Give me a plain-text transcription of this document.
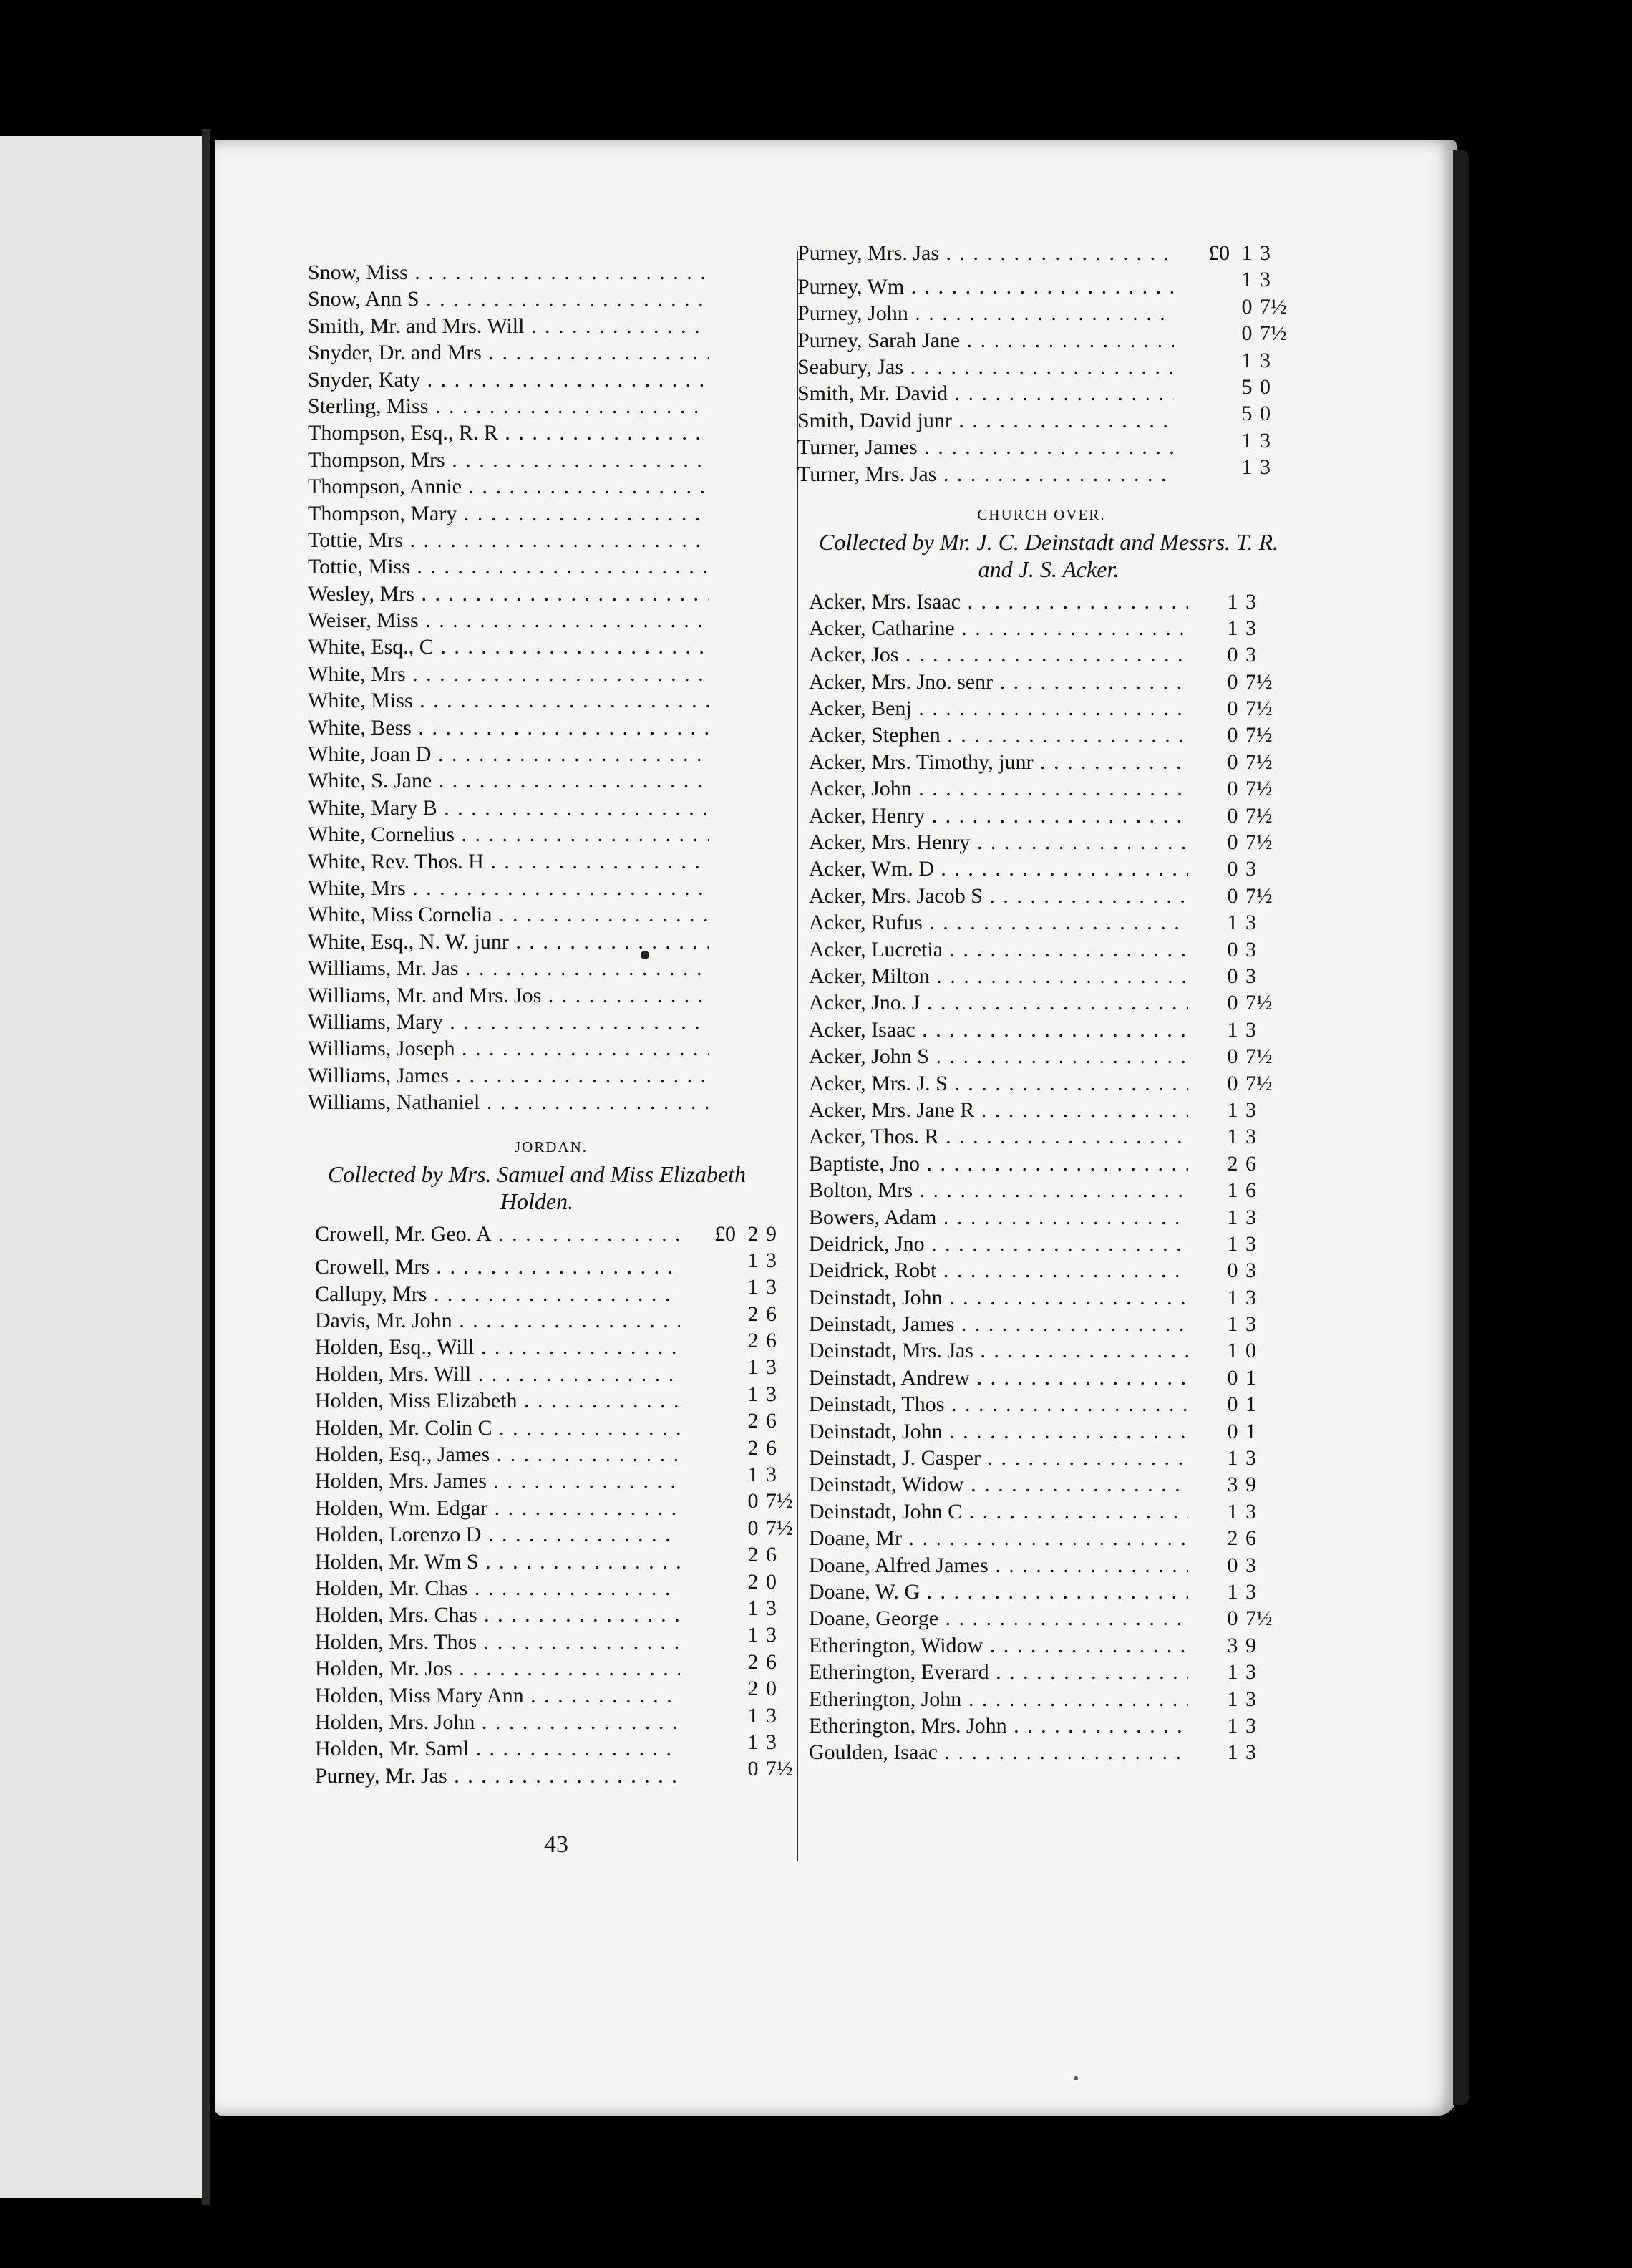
Snow, Miss . . .
Snow, Ann S . . .
Smith, Mr. and Mrs. Will . . .
Snyder, Dr. and Mrs . . .
Snyder, Katy . . .
Sterling, Miss . . .
Thompson, Esq., R. R . . .
Thompson, Mrs . . .
Thompson, Annie . . .
Thompson, Mary . . .
Tottie, Mrs . . .
Tottie, Miss . . .
Wesley, Mrs . . .
Weiser, Miss . . .
White, Esq., C . . .
White, Mrs . . .
White, Miss . . .
White, Bess . . .
White, Joan D . . .
White, S. Jane . . .
White, Mary B . . .
White, Cornelius . . .
White, Rev. Thos. H . . .
White, Mrs . . .
White, Miss Cornelia . . .
White, Esq., N. W. junr . . .
Williams, Mr. Jas . . .
Williams, Mr. and Mrs. Jos . . .
Williams, Mary . . .
Williams, Joseph . . .
Williams, James . . .
Williams, Nathaniel . . .
JORDAN.
Collected by Mrs. Samuel and Miss Elizabeth Holden.
Crowell, Mr. Geo. A . . .	£0 2 9
Crowell, Mrs . . .	1 3
Callupy, Mrs . . .	1 3
Davis, Mr. John . . .	2 6
Holden, Esq., Will . . .	2 6
Holden, Mrs. Will . . .	1 3
Holden, Miss Elizabeth . . .	1 3
Holden, Mr. Colin C . . .	2 6
Holden, Esq., James . . .	2 6
Holden, Mrs. James . . .	1 3
Holden, Wm. Edgar . . .	0 7½
Holden, Lorenzo D . . .	0 7½
Holden, Mr. Wm S . . .	2 6
Holden, Mr. Chas . . .	2 0
Holden, Mrs. Chas . . .	1 3
Holden, Mrs. Thos . . .	1 3
Holden, Mr. Jos . . .	2 6
Holden, Miss Mary Ann . . .	2 0
Holden, Mrs. John . . .	1 3
Holden, Mr. Saml . . .	1 3
Purney, Mr. Jas . . .	0 7½
Purney, Mrs. Jas . . .	£0 1 3
Purney, Wm . . .	1 3
Purney, John . . .	0 7½
Purney, Sarah Jane . . .	0 7½
Seabury, Jas . . .	1 3
Smith, Mr. David . . .	5 0
Smith, David junr . . .	5 0
Turner, James . . .	1 3
Turner, Mrs. Jas . . .	1 3
CHURCH OVER.
Collected by Mr. J. C. Deinstadt and Messrs. T. R. and J. S. Acker.
Acker, Mrs. Isaac . . .	1 3
Acker, Catharine . . .	1 3
Acker, Jos . . .	0 3
Acker, Mrs. Jno. senr . . .	0 7½
Acker, Benj . . .	0 7½
Acker, Stephen . . .	0 7½
Acker, Mrs. Timothy, junr . . .	0 7½
Acker, John . . .	0 7½
Acker, Henry . . .	0 7½
Acker, Mrs. Henry . . .	0 7½
Acker, Wm. D . . .	0 3
Acker, Mrs. Jacob S . . .	0 7½
Acker, Rufus . . .	1 3
Acker, Lucretia . . .	0 3
Acker, Milton . . .	0 3
Acker, Jno. J . . .	0 7½
Acker, Isaac . . .	1 3
Acker, John S . . .	0 7½
Acker, Mrs. J. S . . .	0 7½
Acker, Mrs. Jane R . . .	1 3
Acker, Thos. R . . .	1 3
Baptiste, Jno . . .	2 6
Bolton, Mrs . . .	1 6
Bowers, Adam . . .	1 3
Deidrick, Jno . . .	1 3
Deidrick, Robt . . .	0 3
Deinstadt, John . . .	1 3
Deinstadt, James . . .	1 3
Deinstadt, Mrs. Jas . . .	1 0
Deinstadt, Andrew . . .	0 1
Deinstadt, Thos . . .	0 1
Deinstadt, John . . .	0 1
Deinstadt, J. Casper . . .	1 3
Deinstadt, Widow . . .	3 9
Deinstadt, John C . . .	1 3
Doane, Mr . . .	2 6
Doane, Alfred James . . .	0 3
Doane, W. G . . .	1 3
Doane, George . . .	0 7½
Etherington, Widow . . .	3 9
Etherington, Everard . . .	1 3
Etherington, John . . .	1 3
Etherington, Mrs. John . . .	1 3
Goulden, Isaac . . .	1 3
43
